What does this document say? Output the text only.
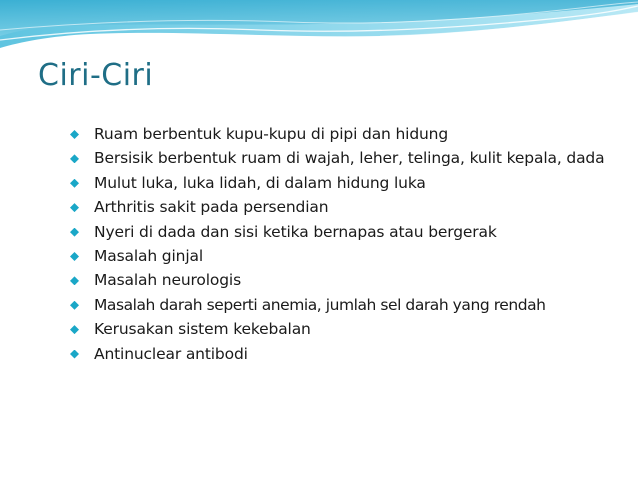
Ciri-Ciri
Ruam berbentuk kupu-kupu di pipi dan hidung
Bersisik berbentuk ruam di wajah, leher, telinga, kulit kepala, dada
Mulut luka, luka lidah, di dalam hidung luka
Arthritis sakit pada persendian
Nyeri di dada dan sisi ketika bernapas atau bergerak
Masalah ginjal
Masalah neurologis
Masalah darah seperti anemia, jumlah sel darah yang rendah
Kerusakan sistem kekebalan
Antinuclear antibodi
